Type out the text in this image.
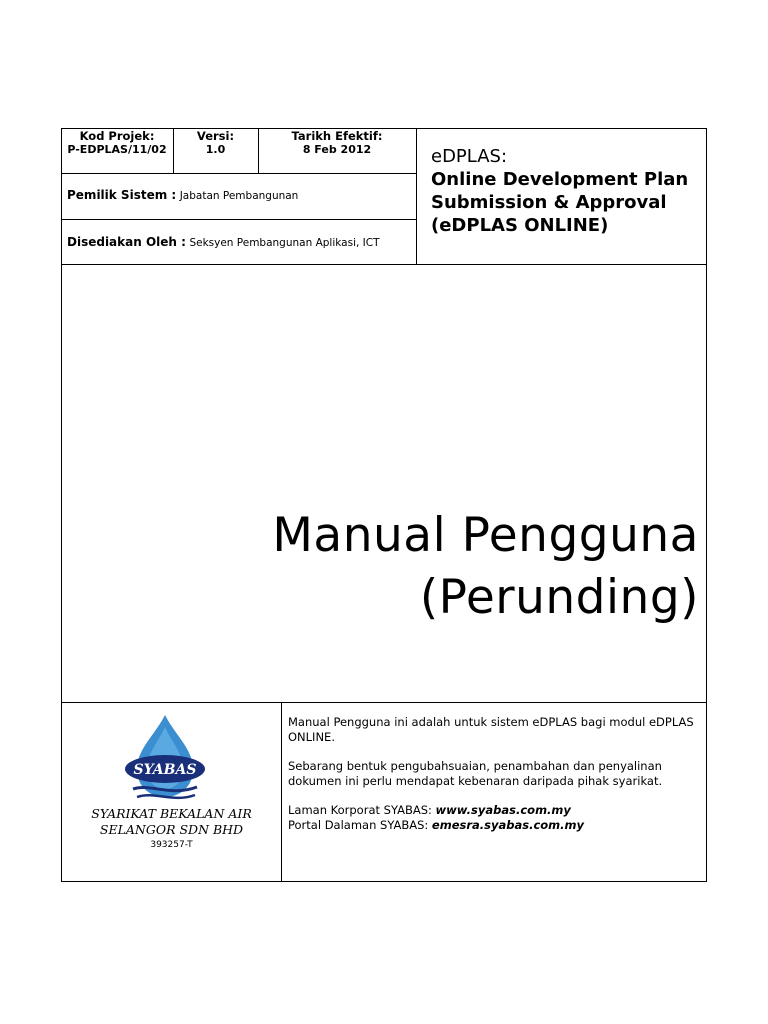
Kod Projek:
P-EDPLAS/11/02
Versi:
1.0
Tarikh Efektif:
8 Feb 2012
Pemilik Sistem : Jabatan Pembangunan
Disediakan Oleh : Seksyen Pembangunan Aplikasi, ICT
eDPLAS:
Online Development Plan
Submission & Approval
(eDPLAS ONLINE)
Manual Pengguna
(Perunding)
SYABAS
SYARIKAT BEKALAN AIR
SELANGOR SDN BHD
393257-T

Manual Pengguna ini adalah untuk sistem eDPLAS bagi modul eDPLAS ONLINE.

Sebarang bentuk pengubahsuaian, penambahan dan penyalinan dokumen ini perlu mendapat kebenaran daripada pihak syarikat.

Laman Korporat SYABAS: www.syabas.com.my

Portal Dalaman SYABAS: emesra.syabas.com.my
